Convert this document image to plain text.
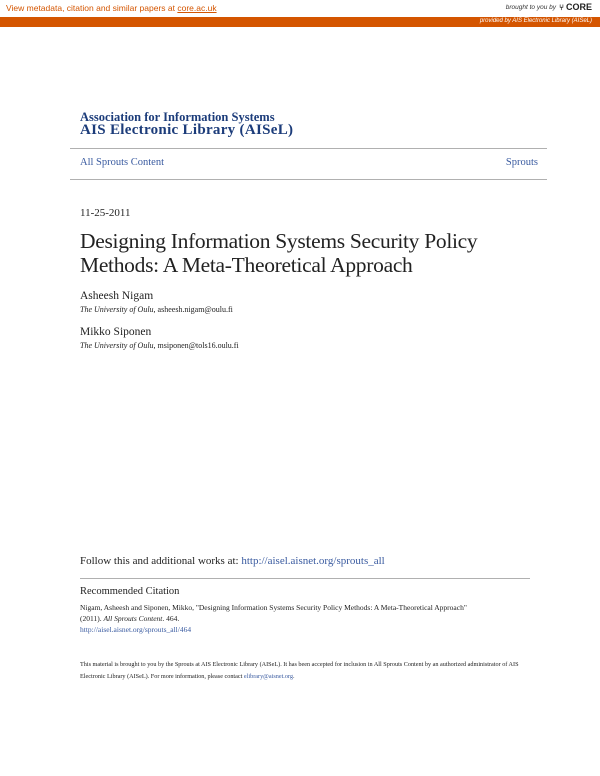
View metadata, citation and similar papers at core.ac.uk	brought to you by ⑂ CORE
provided by AIS Electronic Library (AISeL)
Association for Information Systems
AIS Electronic Library (AISeL)
All Sprouts Content	Sprouts
11-25-2011
Designing Information Systems Security Policy Methods: A Meta-Theoretical Approach
Asheesh Nigam
The University of Oulu, asheesh.nigam@oulu.fi
Mikko Siponen
The University of Oulu, msiponen@tols16.oulu.fi
Follow this and additional works at: http://aisel.aisnet.org/sprouts_all
Recommended Citation
Nigam, Asheesh and Siponen, Mikko, "Designing Information Systems Security Policy Methods: A Meta-Theoretical Approach"
(2011). All Sprouts Content. 464.
http://aisel.aisnet.org/sprouts_all/464
This material is brought to you by the Sprouts at AIS Electronic Library (AISeL). It has been accepted for inclusion in All Sprouts Content by an authorized administrator of AIS Electronic Library (AISeL). For more information, please contact elibrary@aisnet.org.
